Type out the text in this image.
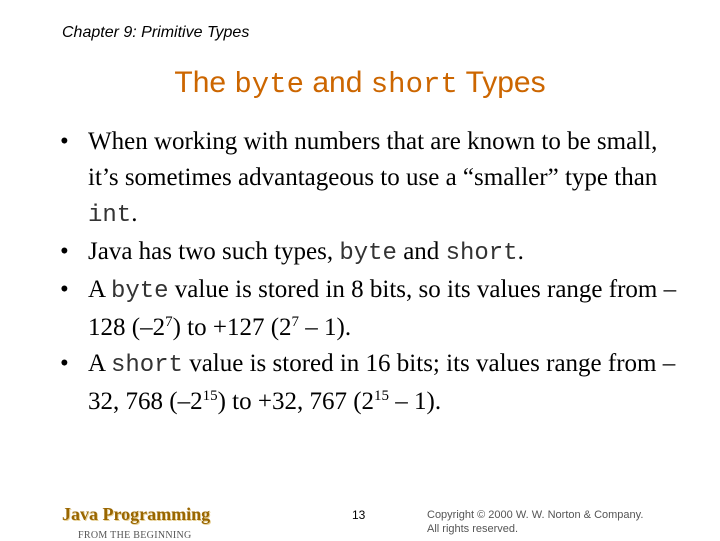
Chapter 9: Primitive Types
The byte and short Types
• When working with numbers that are known to be small, it’s sometimes advantageous to use a “smaller” type than int.
• Java has two such types, byte and short.
• A byte value is stored in 8 bits, so its values range from –128 $(-2^7)$ to +127 $(2^7 - 1)$.
• A short value is stored in 16 bits; its values range from –32, 768 $(-2^{15})$ to +32, 767 $(2^{15} - 1)$.
Java Programming
FROM THE BEGINNING
13	Copyright © 2000 W. W. Norton & Company.
All rights reserved.
